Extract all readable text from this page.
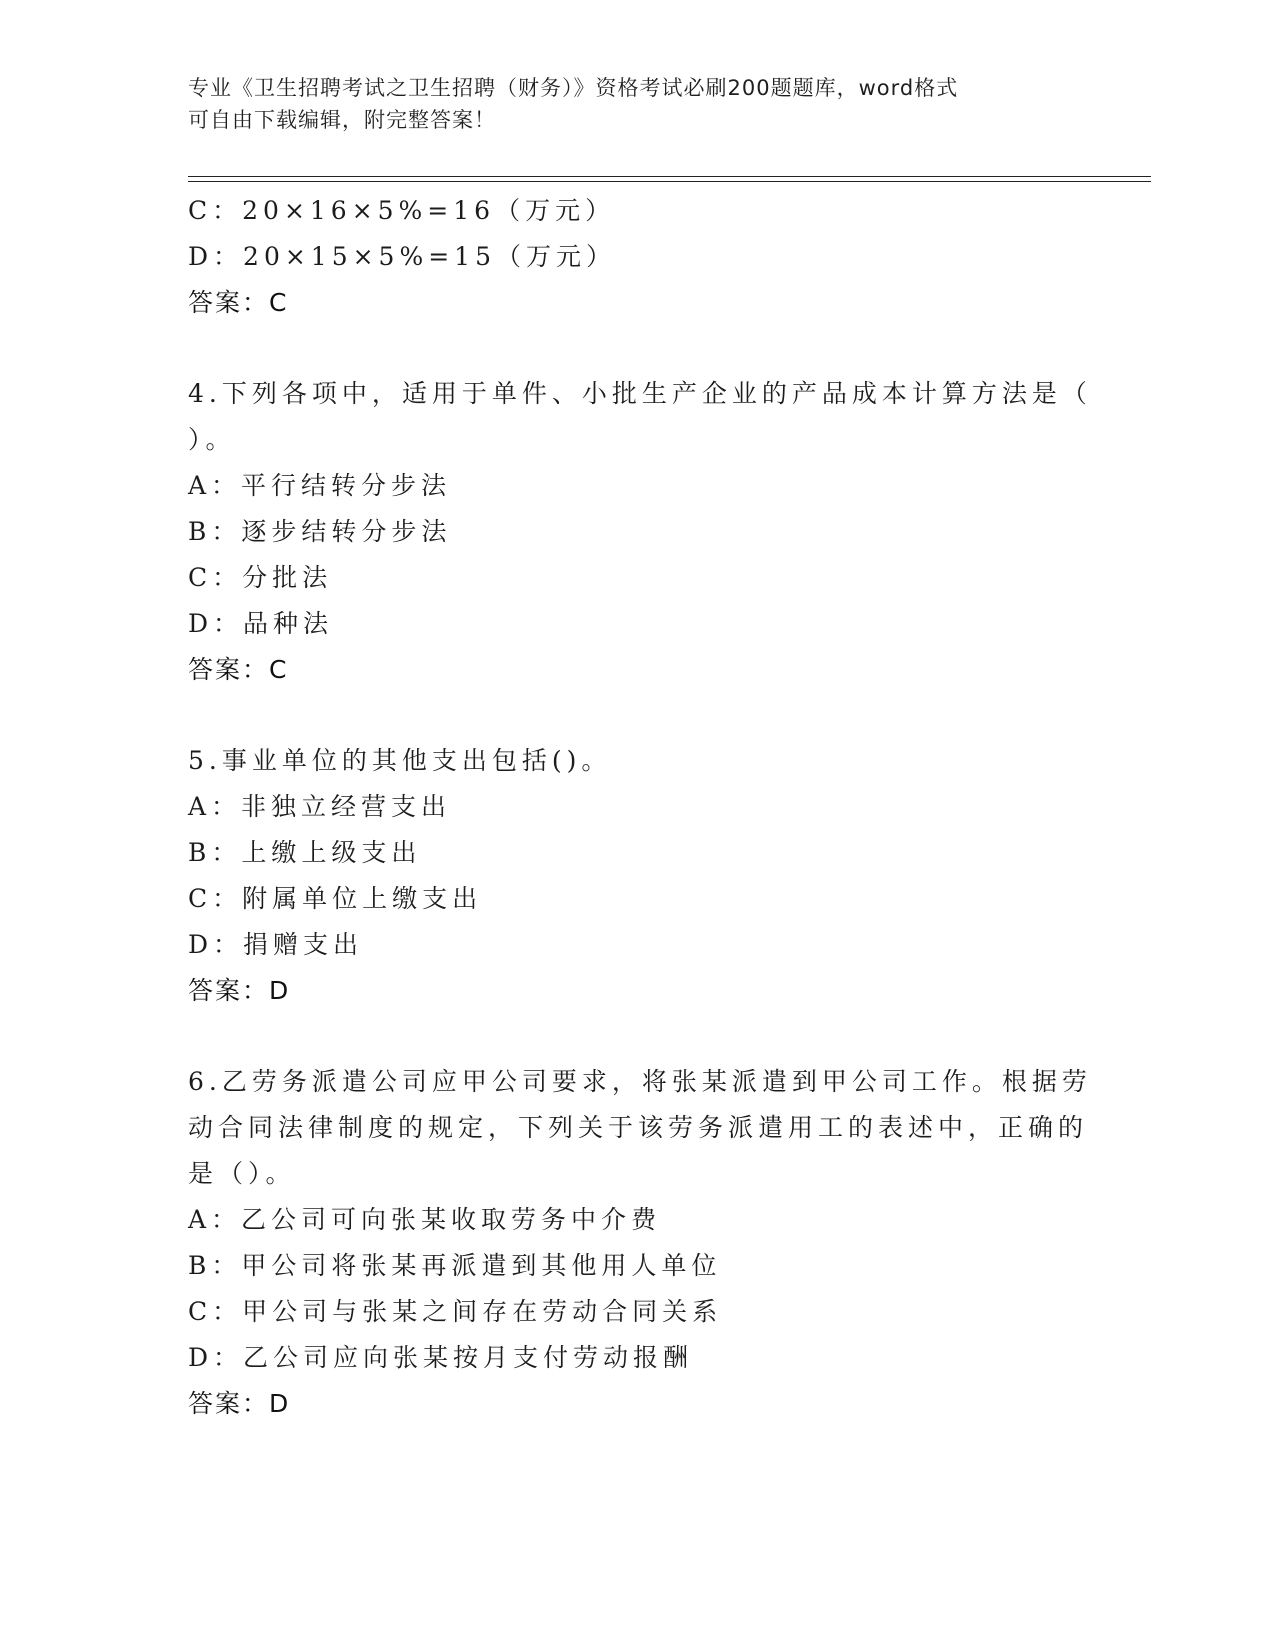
专业《卫生招聘考试之卫生招聘（财务）》资格考试必刷200题题库，word格式
可自由下载编辑，附完整答案！
C：20×16×5%=16（万元）
D：20×15×5%=15（万元）
答案：C
4.下列各项中，适用于单件、小批生产企业的产品成本计算方法是（
）。
A：平行结转分步法
B：逐步结转分步法
C：分批法
D：品种法
答案：C
5.事业单位的其他支出包括()。
A：非独立经营支出
B：上缴上级支出
C：附属单位上缴支出
D：捐赠支出
答案：D
6.乙劳务派遣公司应甲公司要求，将张某派遣到甲公司工作。根据劳
动合同法律制度的规定，下列关于该劳务派遣用工的表述中，正确的
是（）。
A：乙公司可向张某收取劳务中介费
B：甲公司将张某再派遣到其他用人单位
C：甲公司与张某之间存在劳动合同关系
D：乙公司应向张某按月支付劳动报酬
答案：D
